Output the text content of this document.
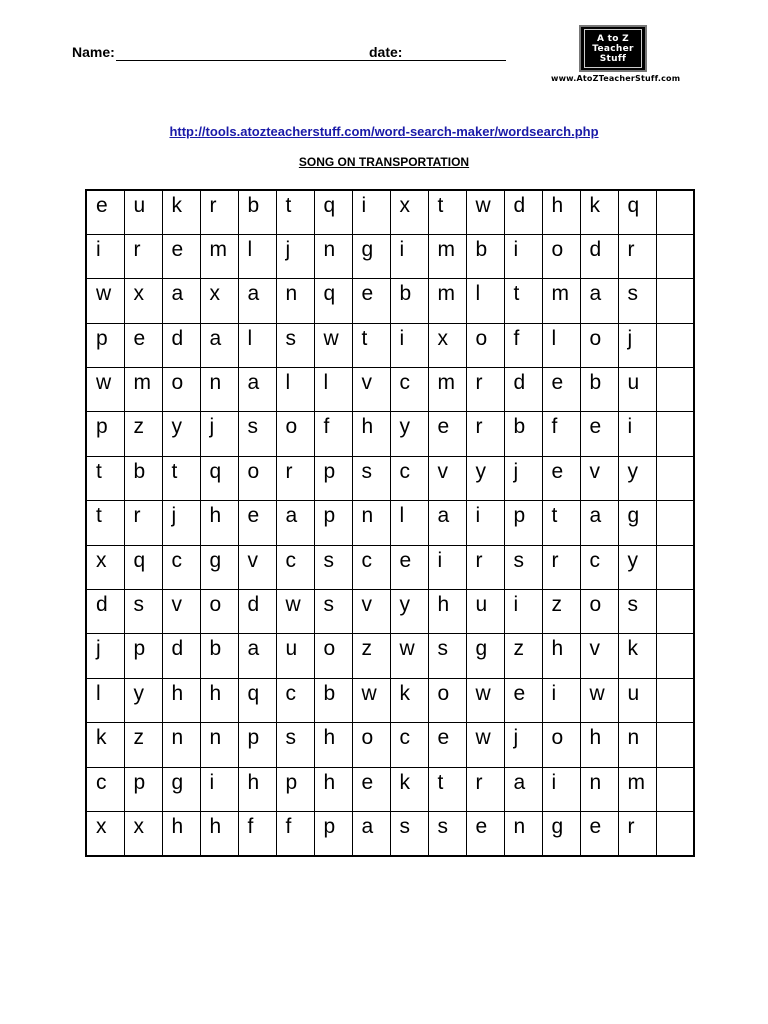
Name:	date:
A to Z
Teacher
Stuff
www.AtoZTeacherStuff.com
http://tools.atozteacherstuff.com/word-search-maker/wordsearch.php
SONG ON TRANSPORTATION
e	u	k	r	b	t	q	i	x	t	w	d	h	k	q	
i	r	e	m	l	j	n	g	i	m	b	i	o	d	r	
w	x	a	x	a	n	q	e	b	m	l	t	m	a	s	
p	e	d	a	l	s	w	t	i	x	o	f	l	o	j	
w	m	o	n	a	l	l	v	c	m	r	d	e	b	u	
p	z	y	j	s	o	f	h	y	e	r	b	f	e	i	
t	b	t	q	o	r	p	s	c	v	y	j	e	v	y	
t	r	j	h	e	a	p	n	l	a	i	p	t	a	g	
x	q	c	g	v	c	s	c	e	i	r	s	r	c	y	
d	s	v	o	d	w	s	v	y	h	u	i	z	o	s	
j	p	d	b	a	u	o	z	w	s	g	z	h	v	k	
l	y	h	h	q	c	b	w	k	o	w	e	i	w	u	
k	z	n	n	p	s	h	o	c	e	w	j	o	h	n	
c	p	g	i	h	p	h	e	k	t	r	a	i	n	m	
x	x	h	h	f	f	p	a	s	s	e	n	g	e	r	
